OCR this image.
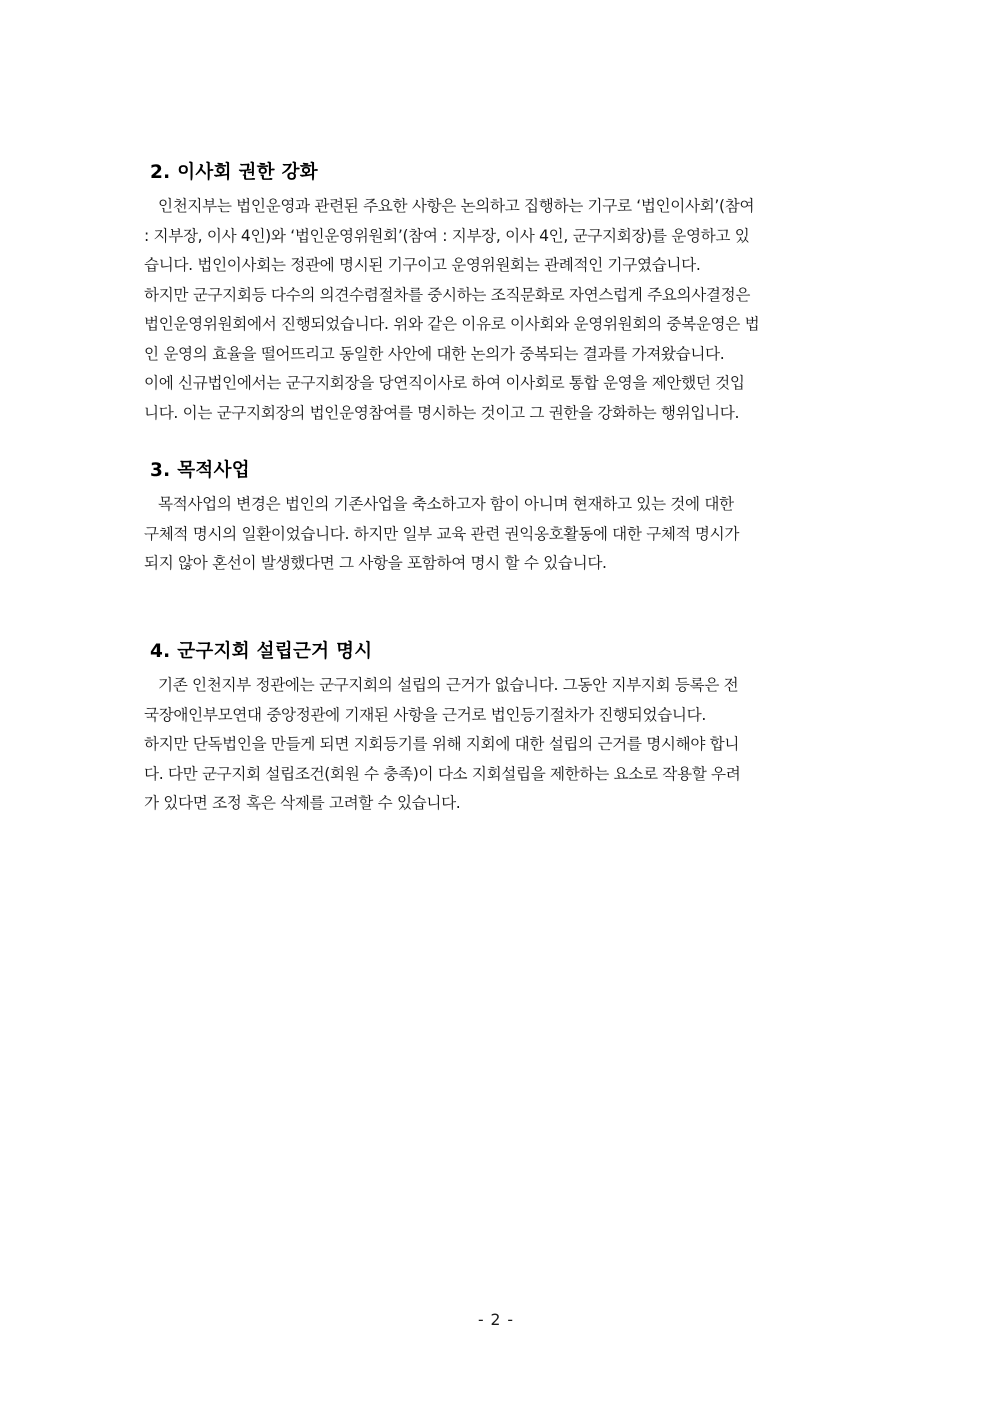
2. 이사회 권한 강화
인천지부는 법인운영과 관련된 주요한 사항은 논의하고 집행하는 기구로 ‘법인이사회’(참여
: 지부장, 이사 4인)와 ‘법인운영위원회’(참여 : 지부장, 이사 4인, 군구지회장)를 운영하고 있
습니다. 법인이사회는 정관에 명시된 기구이고 운영위원회는 관례적인 기구였습니다.
하지만 군구지회등 다수의 의견수렴절차를 중시하는 조직문화로 자연스럽게 주요의사결정은
법인운영위원회에서 진행되었습니다. 위와 같은 이유로 이사회와 운영위원회의 중복운영은 법
인 운영의 효율을 떨어뜨리고 동일한 사안에 대한 논의가 중복되는 결과를 가져왔습니다.
이에 신규법인에서는 군구지회장을 당연직이사로 하여 이사회로 통합 운영을 제안했던 것입
니다. 이는 군구지회장의 법인운영참여를 명시하는 것이고 그 권한을 강화하는 행위입니다.
3. 목적사업
목적사업의 변경은 법인의 기존사업을 축소하고자 함이 아니며 현재하고 있는 것에 대한
구체적 명시의 일환이었습니다. 하지만 일부 교육 관련 권익옹호활동에 대한 구체적 명시가
되지 않아 혼선이 발생했다면 그 사항을 포함하여 명시 할 수 있습니다.
4. 군구지회 설립근거 명시
기존 인천지부 정관에는 군구지회의 설립의 근거가 없습니다. 그동안 지부지회 등록은 전
국장애인부모연대 중앙정관에 기재된 사항을 근거로 법인등기절차가 진행되었습니다.
하지만 단독법인을 만들게 되면 지회등기를 위해 지회에 대한 설립의 근거를 명시해야 합니
다. 다만 군구지회 설립조건(회원 수 충족)이 다소 지회설립을 제한하는 요소로 작용할 우려
가 있다면 조정 혹은 삭제를 고려할 수 있습니다.
- 2 -
